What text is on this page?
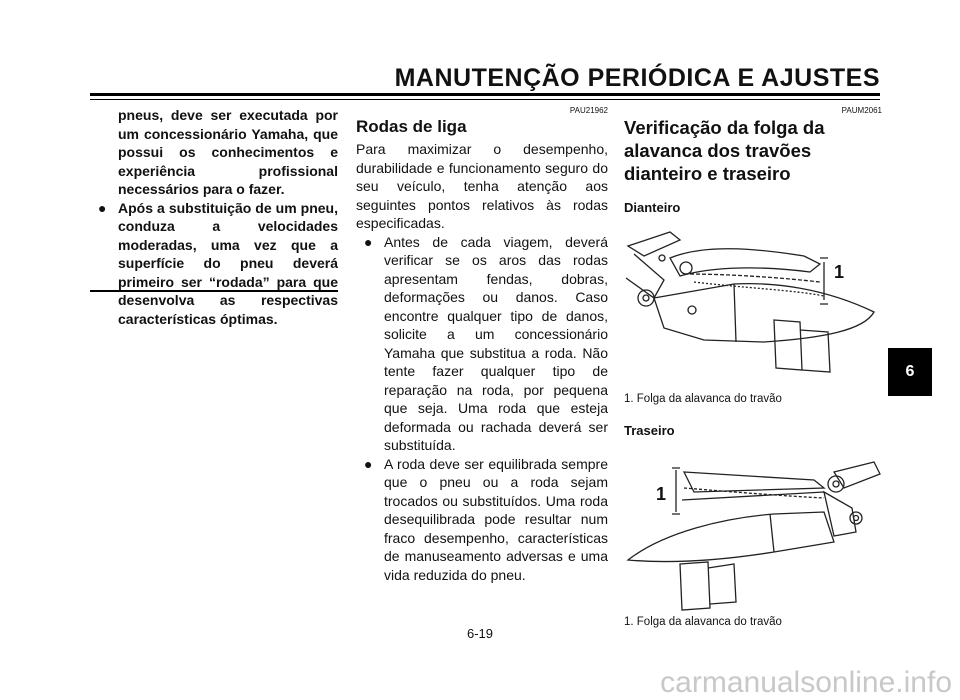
MANUTENÇÃO PERIÓDICA E AJUSTES

pneus, deve ser executada por um concessionário Yamaha, que possui os conhecimentos e experiência profissional necessários para o fazer.

● Após a substituição de um pneu, conduza a velocidades moderadas, uma vez que a superfície do pneu deverá primeiro ser “rodada” para que desenvolva as respectivas características óptimas.

PAU21962
Rodas de liga

Para maximizar o desempenho, durabilidade e funcionamento seguro do seu veículo, tenha atenção aos seguintes pontos relativos às rodas especificadas.

● Antes de cada viagem, deverá verificar se os aros das rodas apresentam fendas, dobras, deformações ou danos. Caso encontre qualquer tipo de danos, solicite a um concessionário Yamaha que substitua a roda. Não tente fazer qualquer tipo de reparação na roda, por pequena que seja. Uma roda que esteja deformada ou rachada deverá ser substituída.

● A roda deve ser equilibrada sempre que o pneu ou a roda sejam trocados ou substituídos. Uma roda desequilibrada pode resultar num fraco desempenho, características de manuseamento adversas e uma vida reduzida do pneu.

PAUM2061
Verificação da folga da alavanca dos travões dianteiro e traseiro
Dianteiro
1. Folga da alavanca do travão
Traseiro
1. Folga da alavanca do travão
1
1
6
6-19
carmanualsonline.info
